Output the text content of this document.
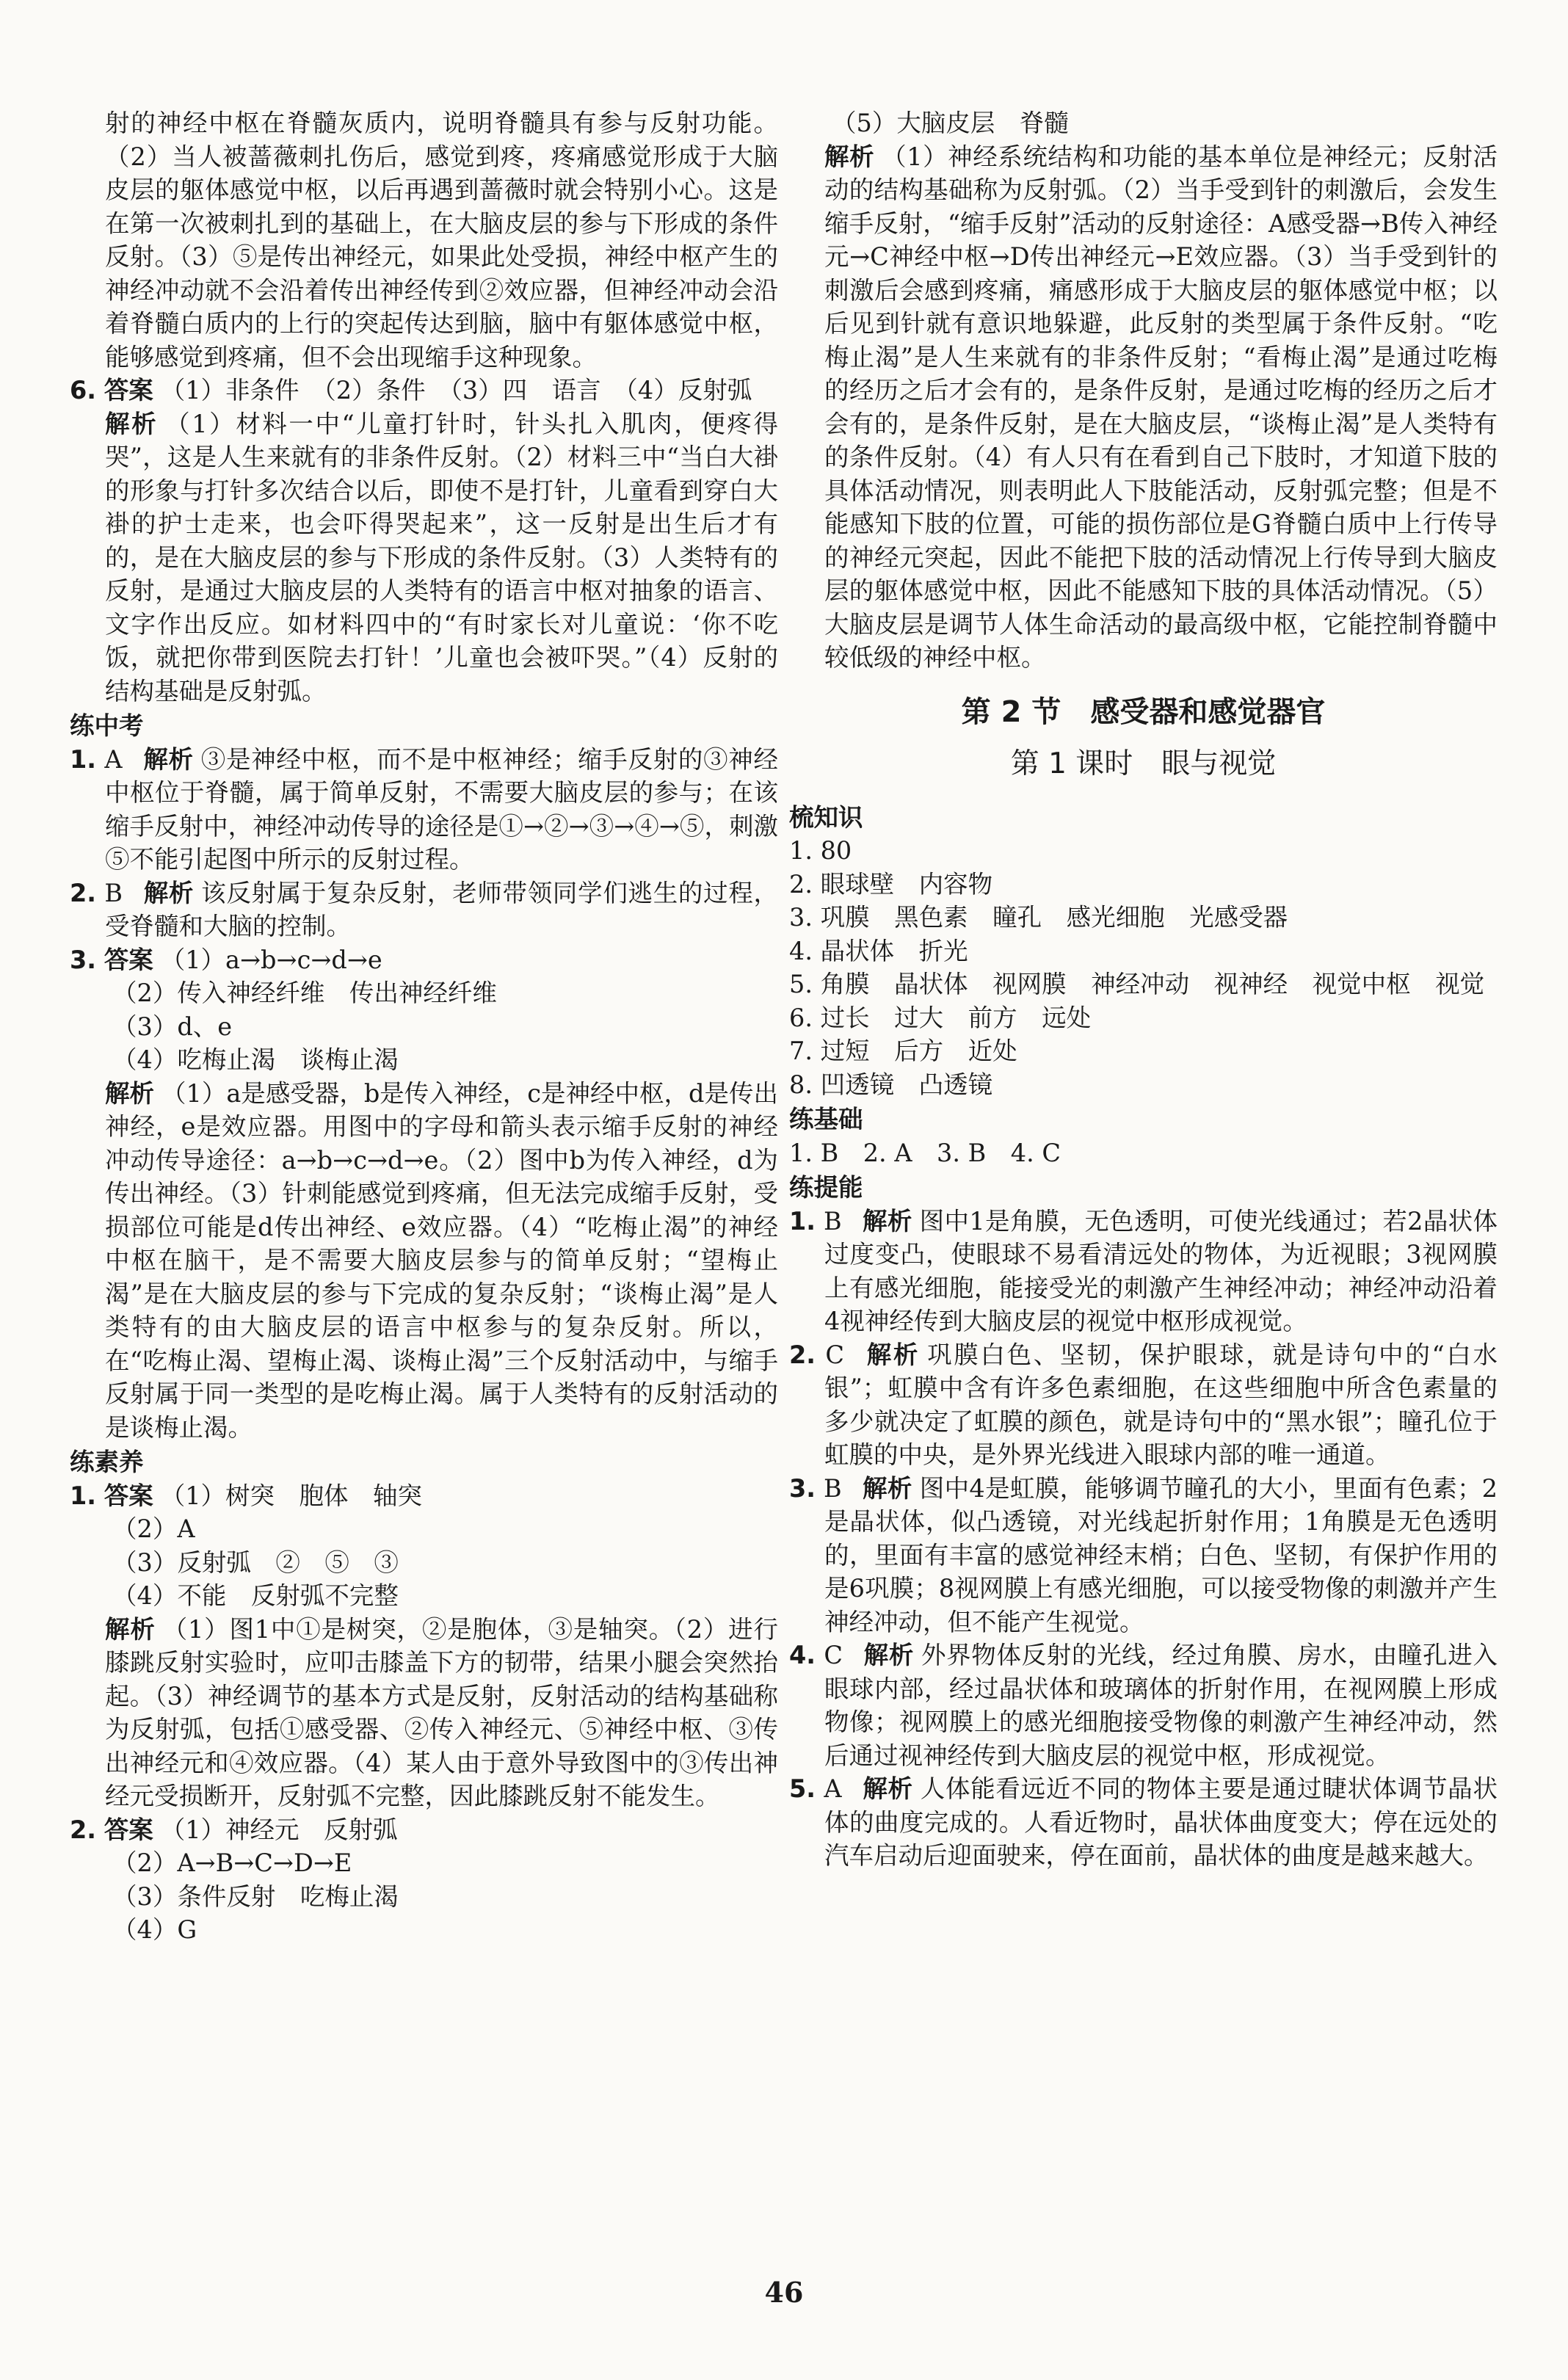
射的神经中枢在脊髓灰质内，说明脊髓具有参与反射功能。（2）当人被蔷薇刺扎伤后，感觉到疼，疼痛感觉形成于大脑皮层的躯体感觉中枢，以后再遇到蔷薇时就会特别小心。这是在第一次被刺扎到的基础上，在大脑皮层的参与下形成的条件反射。（3）⑤是传出神经元，如果此处受损，神经中枢产生的神经冲动就不会沿着传出神经传到②效应器，但神经冲动会沿着脊髓白质内的上行的突起传达到脑，脑中有躯体感觉中枢，能够感觉到疼痛，但不会出现缩手这种现象。

6. 答案 （1）非条件　（2）条件　（3）四　语言　（4）反射弧

解析 （1）材料一中“儿童打针时，针头扎入肌肉，便疼得哭”，这是人生来就有的非条件反射。（2）材料三中“当白大褂的形象与打针多次结合以后，即使不是打针，儿童看到穿白大褂的护士走来，也会吓得哭起来”，这一反射是出生后才有的，是在大脑皮层的参与下形成的条件反射。（3）人类特有的反射，是通过大脑皮层的人类特有的语言中枢对抽象的语言、文字作出反应。如材料四中的“有时家长对儿童说：‘你不吃饭，就把你带到医院去打针！’儿童也会被吓哭。”（4）反射的结构基础是反射弧。

练中考

1. A 解析 ③是神经中枢，而不是中枢神经；缩手反射的③神经中枢位于脊髓，属于简单反射，不需要大脑皮层的参与；在该缩手反射中，神经冲动传导的途径是①→②→③→④→⑤，刺激⑤不能引起图中所示的反射过程。

2. B 解析 该反射属于复杂反射，老师带领同学们逃生的过程，受脊髓和大脑的控制。

3. 答案 （1）a→b→c→d→e

（2）传入神经纤维　传出神经纤维

（3）d、e

（4）吃梅止渴　谈梅止渴

解析 （1）a是感受器，b是传入神经，c是神经中枢，d是传出神经，e是效应器。用图中的字母和箭头表示缩手反射的神经冲动传导途径：a→b→c→d→e。（2）图中b为传入神经，d为传出神经。（3）针刺能感觉到疼痛，但无法完成缩手反射，受损部位可能是d传出神经、e效应器。（4）“吃梅止渴”的神经中枢在脑干，是不需要大脑皮层参与的简单反射；“望梅止渴”是在大脑皮层的参与下完成的复杂反射；“谈梅止渴”是人类特有的由大脑皮层的语言中枢参与的复杂反射。所以，在“吃梅止渴、望梅止渴、谈梅止渴”三个反射活动中，与缩手反射属于同一类型的是吃梅止渴。属于人类特有的反射活动的是谈梅止渴。

练素养

1. 答案 （1）树突　胞体　轴突

（2）A

（3）反射弧　②　⑤　③

（4）不能　反射弧不完整

解析 （1）图1中①是树突，②是胞体，③是轴突。（2）进行膝跳反射实验时，应叩击膝盖下方的韧带，结果小腿会突然抬起。（3）神经调节的基本方式是反射，反射活动的结构基础称为反射弧，包括①感受器、②传入神经元、⑤神经中枢、③传出神经元和④效应器。（4）某人由于意外导致图中的③传出神经元受损断开，反射弧不完整，因此膝跳反射不能发生。

2. 答案 （1）神经元　反射弧

（2）A→B→C→D→E

（3）条件反射　吃梅止渴

（4）G

（5）大脑皮层　脊髓

解析 （1）神经系统结构和功能的基本单位是神经元；反射活动的结构基础称为反射弧。（2）当手受到针的刺激后，会发生缩手反射，“缩手反射”活动的反射途径：A感受器→B传入神经元→C神经中枢→D传出神经元→E效应器。（3）当手受到针的刺激后会感到疼痛，痛感形成于大脑皮层的躯体感觉中枢；以后见到针就有意识地躲避，此反射的类型属于条件反射。“吃梅止渴”是人生来就有的非条件反射；“看梅止渴”是通过吃梅的经历之后才会有的，是条件反射，是通过吃梅的经历之后才会有的，是条件反射，是在大脑皮层，“谈梅止渴”是人类特有的条件反射。（4）有人只有在看到自己下肢时，才知道下肢的具体活动情况，则表明此人下肢能活动，反射弧完整；但是不能感知下肢的位置，可能的损伤部位是G脊髓白质中上行传导的神经元突起，因此不能把下肢的活动情况上行传导到大脑皮层的躯体感觉中枢，因此不能感知下肢的具体活动情况。（5）大脑皮层是调节人体生命活动的最高级中枢，它能控制脊髓中较低级的神经中枢。

第 2 节　感受器和感觉器官
第 1 课时　眼与视觉

梳知识

1. 80

2. 眼球壁　内容物

3. 巩膜　黑色素　瞳孔　感光细胞　光感受器

4. 晶状体　折光

5. 角膜　晶状体　视网膜　神经冲动　视神经　视觉中枢　视觉

6. 过长　过大　前方　远处

7. 过短　后方　近处

8. 凹透镜　凸透镜

练基础

1. B　2. A　3. B　4. C

练提能

1. B 解析 图中1是角膜，无色透明，可使光线通过；若2晶状体过度变凸，使眼球不易看清远处的物体，为近视眼；3视网膜上有感光细胞，能接受光的刺激产生神经冲动；神经冲动沿着4视神经传到大脑皮层的视觉中枢形成视觉。

2. C 解析 巩膜白色、坚韧，保护眼球，就是诗句中的“白水银”；虹膜中含有许多色素细胞，在这些细胞中所含色素量的多少就决定了虹膜的颜色，就是诗句中的“黑水银”；瞳孔位于虹膜的中央，是外界光线进入眼球内部的唯一通道。

3. B 解析 图中4是虹膜，能够调节瞳孔的大小，里面有色素；2是晶状体，似凸透镜，对光线起折射作用；1角膜是无色透明的，里面有丰富的感觉神经末梢；白色、坚韧，有保护作用的是6巩膜；8视网膜上有感光细胞，可以接受物像的刺激并产生神经冲动，但不能产生视觉。

4. C 解析 外界物体反射的光线，经过角膜、房水，由瞳孔进入眼球内部，经过晶状体和玻璃体的折射作用，在视网膜上形成物像；视网膜上的感光细胞接受物像的刺激产生神经冲动，然后通过视神经传到大脑皮层的视觉中枢，形成视觉。

5. A 解析 人体能看远近不同的物体主要是通过睫状体调节晶状体的曲度完成的。人看近物时，晶状体曲度变大；停在远处的汽车启动后迎面驶来，停在面前，晶状体的曲度是越来越大。

46
